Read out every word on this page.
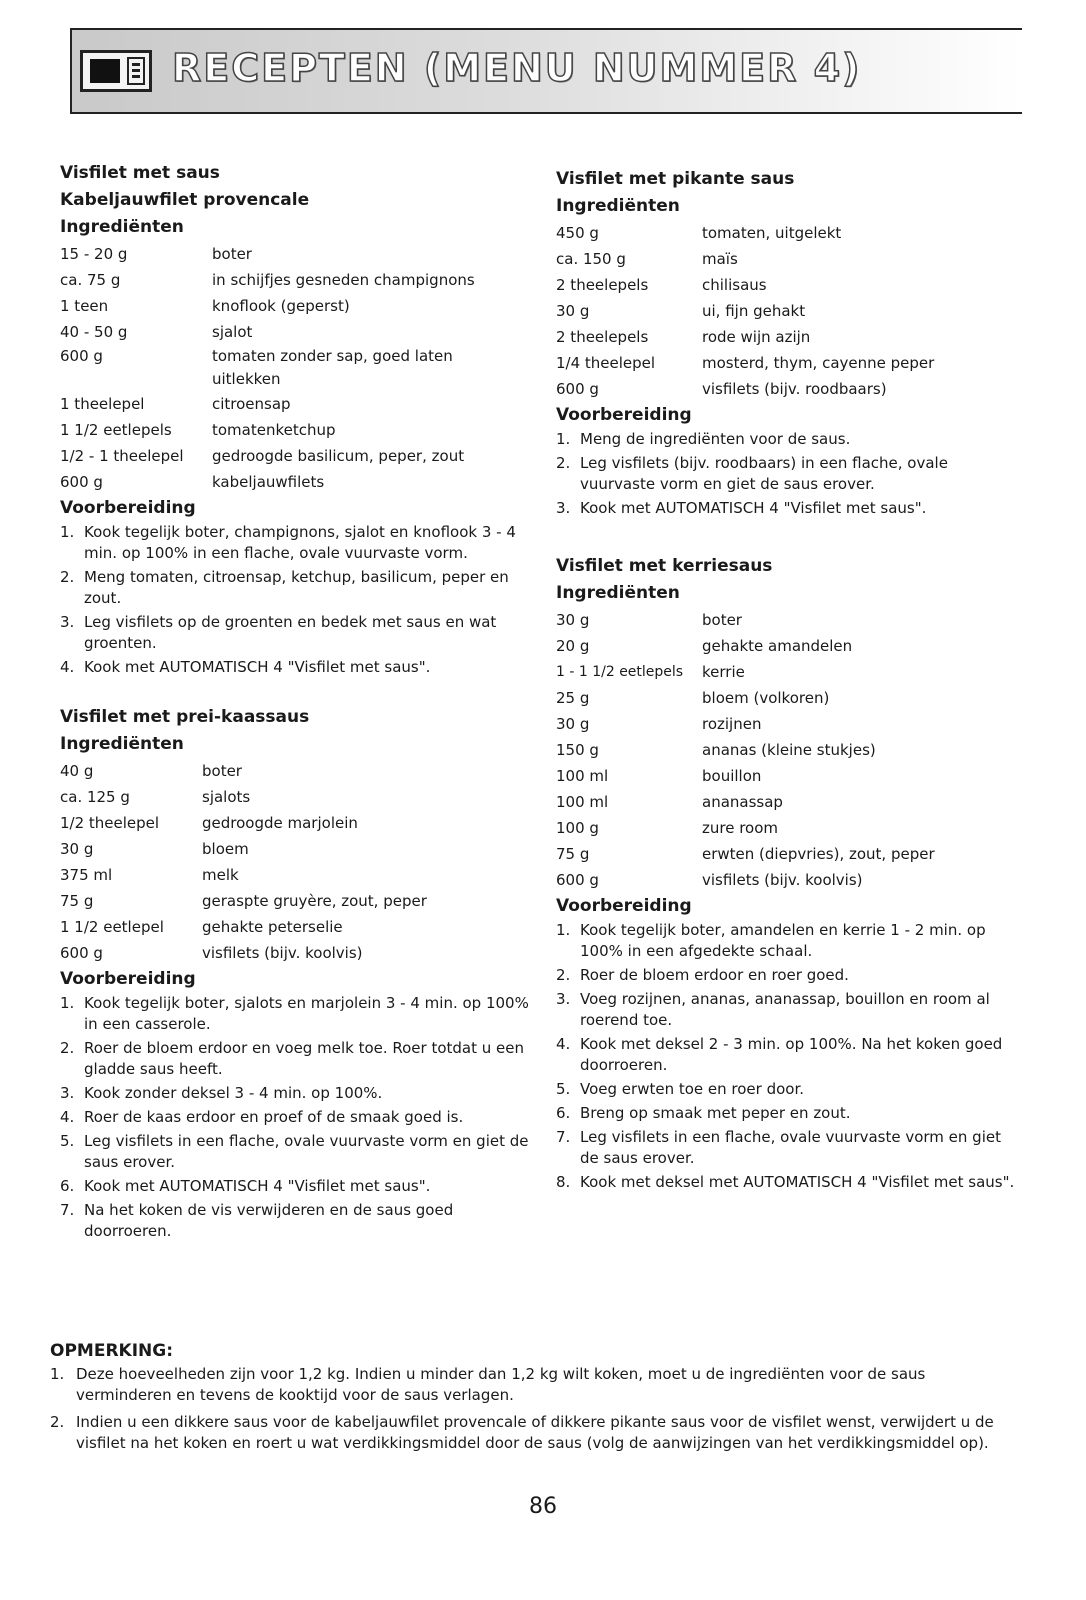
RECEPTEN (MENU NUMMER 4)
Visfilet met saus
Kabeljauwfilet provencale
Ingrediënten
15 - 20 g	boter
ca. 75 g	in schijfjes gesneden champignons
1 teen	knoflook (geperst)
40 - 50 g	sjalot
600 g	tomaten zonder sap, goed laten uitlekken
1 theelepel	citroensap
1 1/2 eetlepels	tomatenketchup
1/2 - 1 theelepel	gedroogde basilicum, peper, zout
600 g	kabeljauwfilets
Voorbereiding
1. Kook tegelijk boter, champignons, sjalot en knoflook 3 - 4 min. op 100% in een flache, ovale vuurvaste vorm.
2. Meng tomaten, citroensap, ketchup, basilicum, peper en zout.
3. Leg visfilets op de groenten en bedek met saus en wat groenten.
4. Kook met AUTOMATISCH 4 "Visfilet met saus".
Visfilet met prei-kaassaus
Ingrediënten
40 g	boter
ca. 125 g	sjalots
1/2 theelepel	gedroogde marjolein
30 g	bloem
375 ml	melk
75 g	geraspte gruyère, zout, peper
1 1/2 eetlepel	gehakte peterselie
600 g	visfilets (bijv. koolvis)
Voorbereiding
1. Kook tegelijk boter, sjalots en marjolein 3 - 4 min. op 100% in een casserole.
2. Roer de bloem erdoor en voeg melk toe. Roer totdat u een gladde saus heeft.
3. Kook zonder deksel 3 - 4 min. op 100%.
4. Roer de kaas erdoor en proef of de smaak goed is.
5. Leg visfilets in een flache, ovale vuurvaste vorm en giet de saus erover.
6. Kook met AUTOMATISCH 4 "Visfilet met saus".
7. Na het koken de vis verwijderen en de saus goed doorroeren.
Visfilet met pikante saus
Ingrediënten
450 g	tomaten, uitgelekt
ca. 150 g	maïs
2 theelepels	chilisaus
30 g	ui, fijn gehakt
2 theelepels	rode wijn azijn
1/4 theelepel	mosterd, thym, cayenne peper
600 g	visfilets (bijv. roodbaars)
Voorbereiding
1. Meng de ingrediënten voor de saus.
2. Leg visfilets (bijv. roodbaars) in een flache, ovale vuurvaste vorm en giet de saus erover.
3. Kook met AUTOMATISCH 4 "Visfilet met saus".
Visfilet met kerriesaus
Ingrediënten
30 g	boter
20 g	gehakte amandelen
1 - 1 1/2 eetlepels	kerrie
25 g	bloem (volkoren)
30 g	rozijnen
150 g	ananas (kleine stukjes)
100 ml	bouillon
100 ml	ananassap
100 g	zure room
75 g	erwten (diepvries), zout, peper
600 g	visfilets (bijv. koolvis)
Voorbereiding
1. Kook tegelijk boter, amandelen en kerrie 1 - 2 min. op 100% in een afgedekte schaal.
2. Roer de bloem erdoor en roer goed.
3. Voeg rozijnen, ananas, ananassap, bouillon en room al roerend toe.
4. Kook met deksel 2 - 3 min. op 100%. Na het koken goed doorroeren.
5. Voeg erwten toe en roer door.
6. Breng op smaak met peper en zout.
7. Leg visfilets in een flache, ovale vuurvaste vorm en giet de saus erover.
8. Kook met deksel met AUTOMATISCH 4 "Visfilet met saus".
OPMERKING:
1. Deze hoeveelheden zijn voor 1,2 kg. Indien u minder dan 1,2 kg wilt koken, moet u de ingrediënten voor de saus verminderen en tevens de kooktijd voor de saus verlagen.
2. Indien u een dikkere saus voor de kabeljauwfilet provencale of dikkere pikante saus voor de visfilet wenst, verwijdert u de visfilet na het koken en roert u wat verdikkingsmiddel door de saus (volg de aanwijzingen van het verdikkingsmiddel op).
86
